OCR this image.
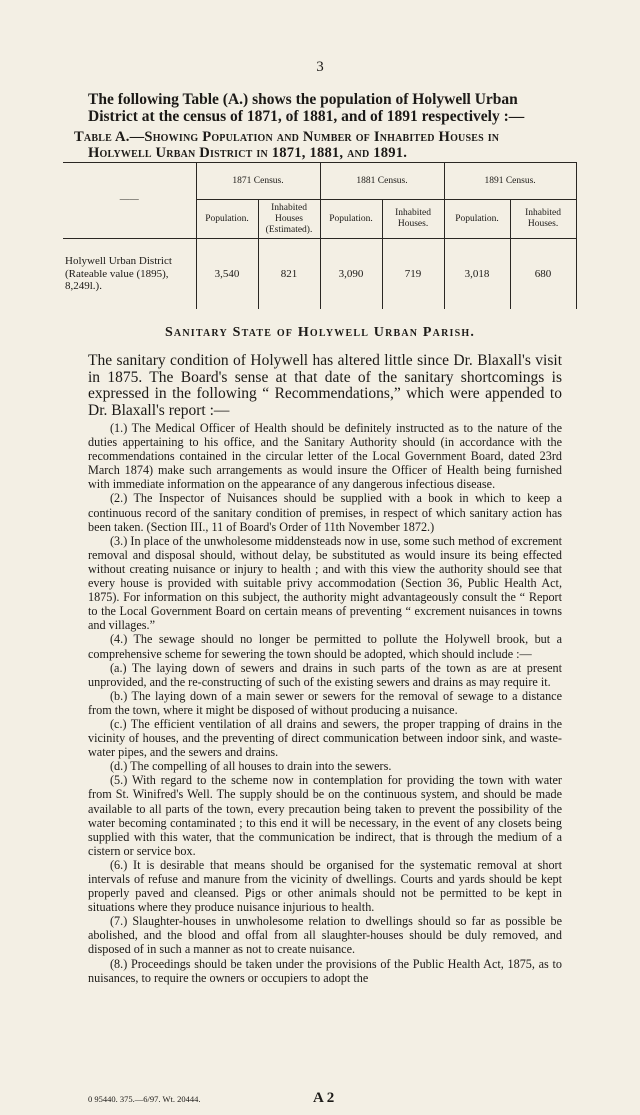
3
The following Table (A.) shows the population of Holywell Urban District at the census of 1871, of 1881, and of 1891 respectively :—
Table A.—Showing Population and Number of Inhabited Houses in
Holywell Urban District in 1871, 1881, and 1891.
——	1871 Census.		1881 Census.		1891 Census.	
	Population.	Inhabited Houses (Estimated).	Population.	Inhabited Houses.	Population.	Inhabited Houses.
Holywell Urban District (Rateable value (1895), 8,249l.).	3,540	821	3,090	719	3,018	680
Sanitary State of Holywell Urban Parish.
The sanitary condition of Holywell has altered little since Dr. Blaxall's visit in 1875. The Board's sense at that date of the sanitary shortcomings is expressed in the following “ Recommendations,” which were appended to Dr. Blaxall's report :—

(1.) The Medical Officer of Health should be definitely instructed as to the nature of the duties appertaining to his office, and the Sanitary Authority should (in accordance with the recommendations contained in the circular letter of the Local Government Board, dated 23rd March 1874) make such arrangements as would insure the Officer of Health being furnished with immediate information on the appearance of any dangerous infectious disease.

(2.) The Inspector of Nuisances should be supplied with a book in which to keep a continuous record of the sanitary condition of premises, in respect of which sanitary action has been taken. (Section III., 11 of Board's Order of 11th November 1872.)

(3.) In place of the unwholesome middensteads now in use, some such method of excrement removal and disposal should, without delay, be substituted as would insure its being effected without creating nuisance or injury to health ; and with this view the authority should see that every house is provided with suitable privy accommodation (Section 36, Public Health Act, 1875). For information on this subject, the authority might advantageously consult the “ Report to the Local Government Board on certain means of preventing “ excrement nuisances in towns and villages.”

(4.) The sewage should no longer be permitted to pollute the Holywell brook, but a comprehensive scheme for sewering the town should be adopted, which should include :—

(a.) The laying down of sewers and drains in such parts of the town as are at present unprovided, and the re-constructing of such of the existing sewers and drains as may require it.

(b.) The laying down of a main sewer or sewers for the removal of sewage to a distance from the town, where it might be disposed of without producing a nuisance.

(c.) The efficient ventilation of all drains and sewers, the proper trapping of drains in the vicinity of houses, and the preventing of direct communication between indoor sink, and waste-water pipes, and the sewers and drains.

(d.) The compelling of all houses to drain into the sewers.

(5.) With regard to the scheme now in contemplation for providing the town with water from St. Winifred's Well. The supply should be on the continuous system, and should be made available to all parts of the town, every precaution being taken to prevent the possibility of the water becoming contaminated ; to this end it will be necessary, in the event of any closets being supplied with this water, that the communication be indirect, that is through the medium of a cistern or service box.

(6.) It is desirable that means should be organised for the systematic removal at short intervals of refuse and manure from the vicinity of dwellings. Courts and yards should be kept properly paved and cleansed. Pigs or other animals should not be permitted to be kept in situations where they produce nuisance injurious to health.

(7.) Slaughter-houses in unwholesome relation to dwellings should so far as possible be abolished, and the blood and offal from all slaughter-houses should be duly removed, and disposed of in such a manner as not to create nuisance.

(8.) Proceedings should be taken under the provisions of the Public Health Act, 1875, as to nuisances, to require the owners or occupiers to adopt the

0 95440. 375.—6/97. Wt. 20444.	A 2
